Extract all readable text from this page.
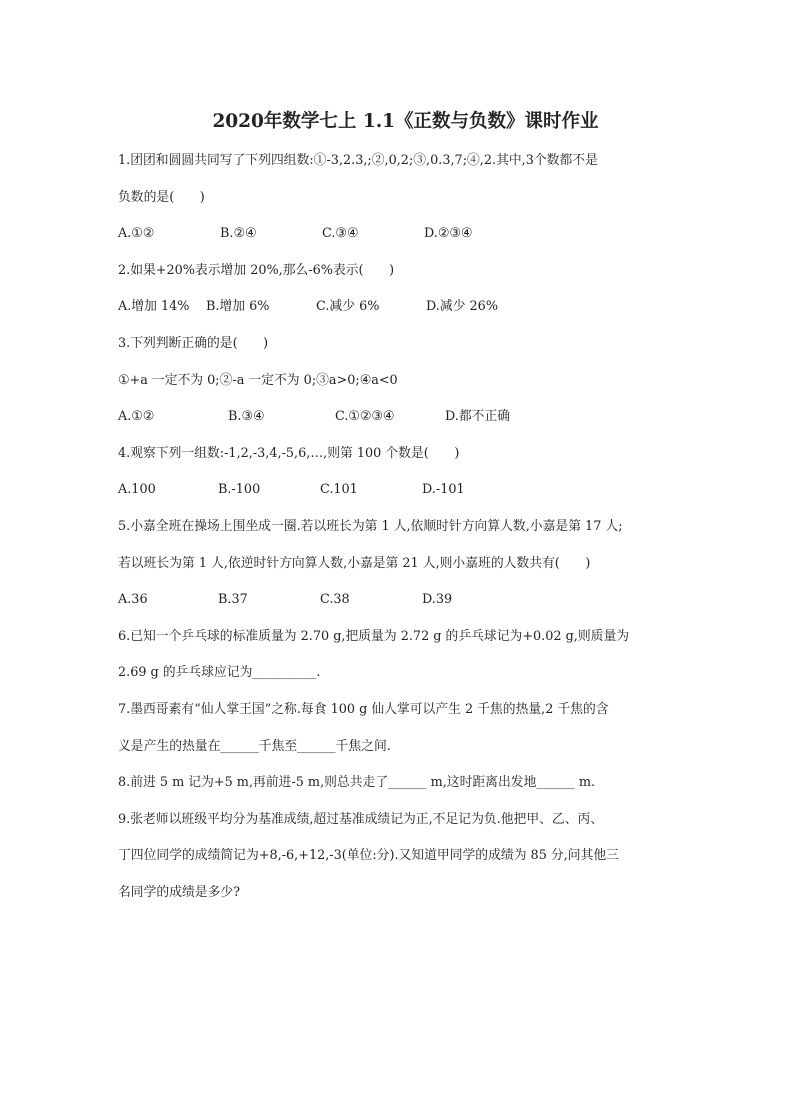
2020年数学七上 1.1《正数与负数》课时作业
1.团团和圆圆共同写了下列四组数:①-3,2.3,;②,0,2;③,0.3,7;④,2.其中,3个数都不是
负数的是(　　)
A.①②	B.②④	C.③④	D.②③④
2.如果+20%表示增加 20%,那么-6%表示(　　)
A.增加 14%	B.增加 6%	C.减少 6%	D.减少 26%
3.下列判断正确的是(　　)
①+a 一定不为 0;②-a 一定不为 0;③a>0;④a<0
A.①②	B.③④	C.①②③④	D.都不正确
4.观察下列一组数:-1,2,-3,4,-5,6,…,则第 100 个数是(　　)
A.100	B.-100	C.101	D.-101
5.小嘉全班在操场上围坐成一圈.若以班长为第 1 人,依顺时针方向算人数,小嘉是第 17 人;
若以班长为第 1 人,依逆时针方向算人数,小嘉是第 21 人,则小嘉班的人数共有(　　)
A.36	B.37	C.38	D.39
6.已知一个乒乓球的标准质量为 2.70 g,把质量为 2.72 g 的乒乓球记为+0.02 g,则质量为
2.69 g 的乒乓球应记为__________.
7.墨西哥素有“仙人掌王国”之称.每食 100 g 仙人掌可以产生 2 千焦的热量,2 千焦的含
义是产生的热量在______千焦至______千焦之间.
8.前进 5 m 记为+5 m,再前进-5 m,则总共走了______ m,这时距离出发地______ m.
9.张老师以班级平均分为基准成绩,超过基准成绩记为正,不足记为负.他把甲、乙、丙、
丁四位同学的成绩简记为+8,-6,+12,-3(单位:分).又知道甲同学的成绩为 85 分,问其他三
名同学的成绩是多少?
